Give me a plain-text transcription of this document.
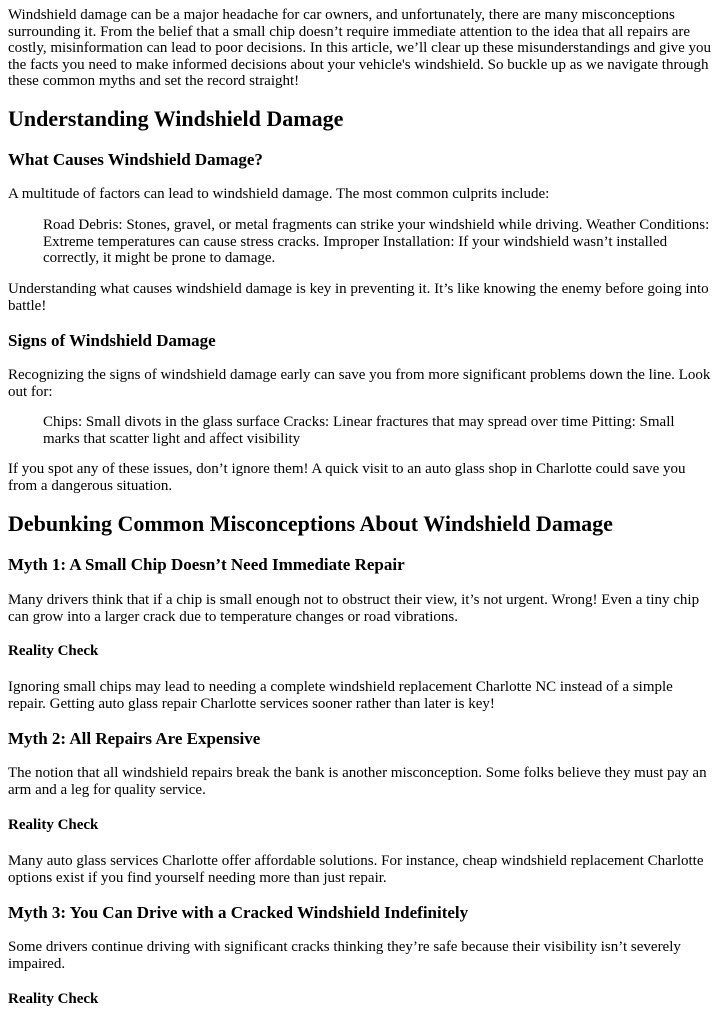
Windshield damage can be a major headache for car owners, and unfortunately, there are many misconceptions surrounding it. From the belief that a small chip doesn’t require immediate attention to the idea that all repairs are costly, misinformation can lead to poor decisions. In this article, we’ll clear up these misunderstandings and give you the facts you need to make informed decisions about your vehicle's windshield. So buckle up as we navigate through these common myths and set the record straight!

Understanding Windshield Damage
What Causes Windshield Damage?

A multitude of factors can lead to windshield damage. The most common culprits include:

Road Debris: Stones, gravel, or metal fragments can strike your windshield while driving. Weather Conditions: Extreme temperatures can cause stress cracks. Improper Installation: If your windshield wasn’t installed correctly, it might be prone to damage.

Understanding what causes windshield damage is key in preventing it. It’s like knowing the enemy before going into battle!

Signs of Windshield Damage

Recognizing the signs of windshield damage early can save you from more significant problems down the line. Look out for:

Chips: Small divots in the glass surface Cracks: Linear fractures that may spread over time Pitting: Small marks that scatter light and affect visibility

If you spot any of these issues, don’t ignore them! A quick visit to an auto glass shop in Charlotte could save you from a dangerous situation.

Debunking Common Misconceptions About Windshield Damage
Myth 1: A Small Chip Doesn’t Need Immediate Repair

Many drivers think that if a chip is small enough not to obstruct their view, it’s not urgent. Wrong! Even a tiny chip can grow into a larger crack due to temperature changes or road vibrations.

Reality Check

Ignoring small chips may lead to needing a complete windshield replacement Charlotte NC instead of a simple repair. Getting auto glass repair Charlotte services sooner rather than later is key!

Myth 2: All Repairs Are Expensive

The notion that all windshield repairs break the bank is another misconception. Some folks believe they must pay an arm and a leg for quality service.

Reality Check

Many auto glass services Charlotte offer affordable solutions. For instance, cheap windshield replacement Charlotte options exist if you find yourself needing more than just repair.

Myth 3: You Can Drive with a Cracked Windshield Indefinitely

Some drivers continue driving with significant cracks thinking they’re safe because their visibility isn’t severely impaired.

Reality Check
